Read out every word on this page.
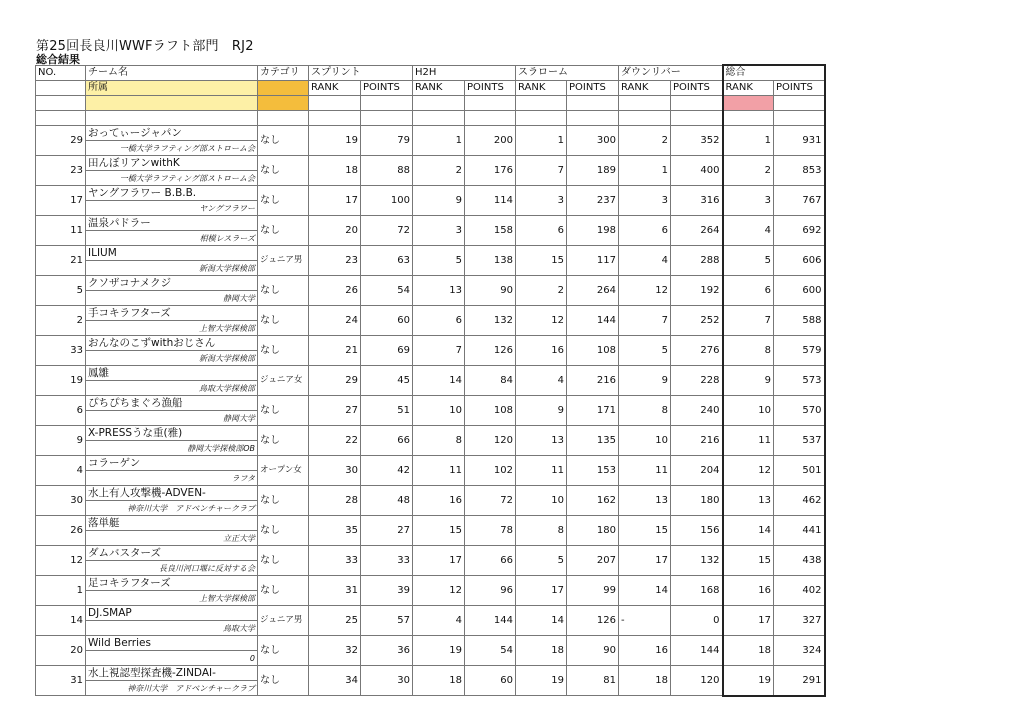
第25回長良川WWFラフト部門　RJ2
総合結果
NO.	チーム名	カテゴリ	スプリント		H2H		スラローム		ダウンリバー		総合	
	所属		RANK	POINTS	RANK	POINTS	RANK	POINTS	RANK	POINTS	RANK	POINTS

29	おってぃージャパン	なし	19	79	1	200	1	300	2	352	1	931
	一橋大学ラフティング部ストローム会											
23	田んぼリアンwithK	なし	18	88	2	176	7	189	1	400	2	853
	一橋大学ラフティング部ストローム会											
17	ヤングフラワー B.B.B.	なし	17	100	9	114	3	237	3	316	3	767
	ヤングフラワー											
11	温泉パドラー	なし	20	72	3	158	6	198	6	264	4	692
	相模レスラーズ											
21	ILIUM	ジュニア男	23	63	5	138	15	117	4	288	5	606
	新潟大学探検部											
5	クソザコナメクジ	なし	26	54	13	90	2	264	12	192	6	600
	静岡大学											
2	手コキラフターズ	なし	24	60	6	132	12	144	7	252	7	588
	上智大学探検部											
33	おんなのこずwithおじさん	なし	21	69	7	126	16	108	5	276	8	579
	新潟大学探検部											
19	鳳雛	ジュニア女	29	45	14	84	4	216	9	228	9	573
	鳥取大学探検部											
6	ぴちぴちまぐろ漁船	なし	27	51	10	108	9	171	8	240	10	570
	静岡大学											
9	X-PRESSうな重(雅)	なし	22	66	8	120	13	135	10	216	11	537
	静岡大学探検部OB											
4	コラーゲン	オープン女	30	42	11	102	11	153	11	204	12	501
	ラフタ											
30	水上有人攻撃機-ADVEN-	なし	28	48	16	72	10	162	13	180	13	462
	神奈川大学　アドベンチャークラブ											
26	落単艇	なし	35	27	15	78	8	180	15	156	14	441
	立正大学											
12	ダムバスターズ	なし	33	33	17	66	5	207	17	132	15	438
	長良川河口堰に反対する会											
1	足コキラフターズ	なし	31	39	12	96	17	99	14	168	16	402
	上智大学探検部											
14	DJ.SMAP	ジュニア男	25	57	4	144	14	126	-	0	17	327
	鳥取大学											
20	Wild Berries	なし	32	36	19	54	18	90	16	144	18	324
	0											
31	水上視認型探査機-ZINDAI-	なし	34	30	18	60	19	81	18	120	19	291
	神奈川大学　アドベンチャークラブ											
